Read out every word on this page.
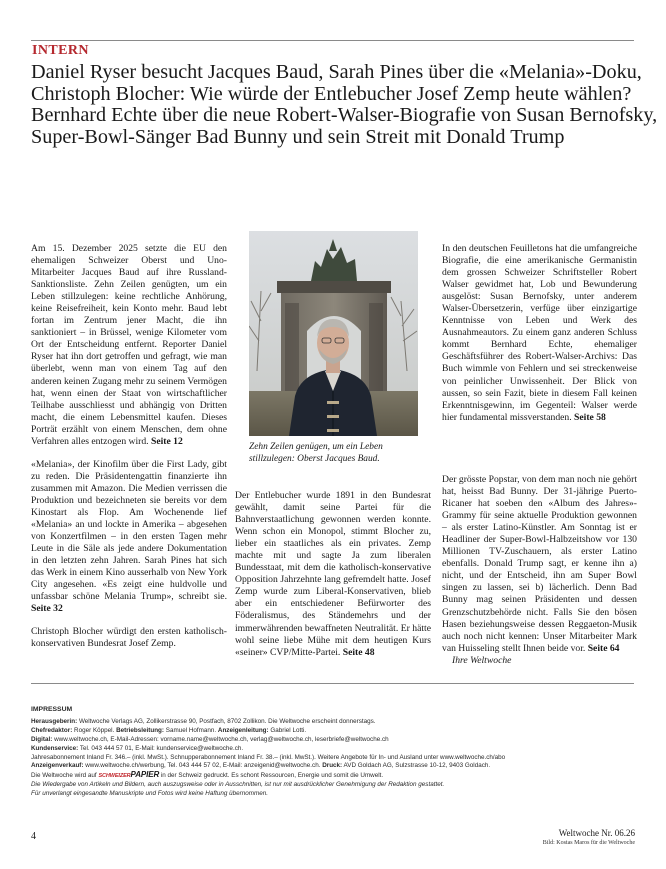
INTERN
Daniel Ryser besucht Jacques Baud, Sarah Pines über die «Melania»-Doku,
Christoph Blocher: Wie würde der Entlebucher Josef Zemp heute wählen?
Bernhard Echte über die neue Robert-Walser-Biografie von Susan Bernofsky,
Super-Bowl-Sänger Bad Bunny und sein Streit mit Donald Trump

Am 15. Dezember 2025 setzte die EU den ehemaligen Schweizer Oberst und Uno-Mitarbeiter Jacques Baud auf ihre Russland-Sanktionsliste. Zehn Zeilen genügten, um ein Leben stillzulegen: keine rechtliche Anhörung, keine Reisefreiheit, kein Konto mehr. Baud lebt fortan im Zentrum jener Macht, die ihn sanktioniert – in Brüssel, wenige Kilometer vom Ort der Entscheidung entfernt. Reporter Daniel Ryser hat ihn dort getroffen und gefragt, wie man überlebt, wenn man von einem Tag auf den anderen keinen Zugang mehr zu seinem Vermögen hat, wenn einen der Staat von wirtschaftlicher Teilhabe ausschliesst und abhängig von Dritten macht, die einem Lebensmittel kaufen. Dieses Porträt erzählt von einem Menschen, dem ohne Verfahren alles entzogen wird. Seite 12

«Melania», der Kinofilm über die First Lady, gibt zu reden. Die Präsidentengattin finanzierte ihn zusammen mit Amazon. Die Medien verrissen die Produktion und bezeichneten sie bereits vor dem Kinostart als Flop. Am Wochenende lief «Melania» an und lockte in Amerika – abgesehen von Konzertfilmen – in den ersten Tagen mehr Leute in die Säle als jede andere Dokumentation in den letzten zehn Jahren. Sarah Pines hat sich das Werk in einem Kino ausserhalb von New York City angesehen. «Es zeigt eine huldvolle und unfassbar schöne Melania Trump», schreibt sie. Seite 32

Christoph Blocher würdigt den ersten katholisch-konservativen Bundesrat Josef Zemp.

Zehn Zeilen genügen, um ein Leben stillzulegen: Oberst Jacques Baud.

Der Entlebucher wurde 1891 in den Bundesrat gewählt, damit seine Partei für die Bahnverstaatlichung gewonnen werden konnte. Wenn schon ein Monopol, stimmt Blocher zu, lieber ein staatliches als ein privates. Zemp machte mit und sagte Ja zum liberalen Bundesstaat, mit dem die katholisch-konservative Opposition Jahrzehnte lang gefremdelt hatte. Josef Zemp wurde zum Liberal-Konservativen, blieb aber ein entschiedener Befürworter des Föderalismus, des Ständemehrs und der immerwährenden bewaffneten Neutralität. Er hätte wohl seine liebe Mühe mit dem heutigen Kurs «seiner» CVP/Mitte-Partei. Seite 48

In den deutschen Feuilletons hat die umfangreiche Biografie, die eine amerikanische Germanistin dem grossen Schweizer Schriftsteller Robert Walser gewidmet hat, Lob und Bewunderung ausgelöst: Susan Bernofsky, unter anderem Walser-Übersetzerin, verfüge über einzigartige Kenntnisse von Leben und Werk des Ausnahmeautors. Zu einem ganz anderen Schluss kommt Bernhard Echte, ehemaliger Geschäftsführer des Robert-Walser-Archivs: Das Buch wimmle von Fehlern und sei streckenweise von peinlicher Unwissenheit. Der Blick von aussen, so sein Fazit, biete in diesem Fall keinen Erkenntnisgewinn, im Gegenteil: Walser werde hier fundamental missverstanden. Seite 58

Der grösste Popstar, von dem man noch nie gehört hat, heisst Bad Bunny. Der 31-jährige Puerto-Ricaner hat soeben den «Album des Jahres»-Grammy für seine aktuelle Produktion gewonnen – als erster Latino-Künstler. Am Sonntag ist er Headliner der Super-Bowl-Halbzeitshow vor 130 Millionen TV-Zuschauern, als erster Latino ebenfalls. Donald Trump sagt, er kenne ihn a) nicht, und der Entscheid, ihn am Super Bowl singen zu lassen, sei b) lächerlich. Denn Bad Bunny mag seinen Präsidenten und dessen Grenzschutzbehörde nicht. Falls Sie den bösen Hasen beziehungsweise dessen Reggaeton-Musik auch noch nicht kennen: Unser Mitarbeiter Mark van Huisseling stellt Ihnen beide vor. Seite 64
Ihre Weltwoche

IMPRESSUM
Herausgeberin: Weltwoche Verlags AG, Zollikerstrasse 90, Postfach, 8702 Zollikon. Die Weltwoche erscheint donnerstags.
Chefredaktor: Roger Köppel. Betriebsleitung: Samuel Hofmann. Anzeigenleitung: Gabriel Lotti.
Digital: www.weltwoche.ch, E-Mail-Adressen: vorname.name@weltwoche.ch, verlag@weltwoche.ch, leserbriefe@weltwoche.ch
Kundenservice: Tel. 043 444 57 01, E-Mail: kundenservice@weltwoche.ch.
Jahresabonnement Inland Fr. 346.– (inkl. MwSt.). Schnupperabonnement Inland Fr. 38.– (inkl. MwSt.). Weitere Angebote für In- und Ausland unter www.weltwoche.ch/abo
Anzeigenverkauf: www.weltwoche.ch/werbung, Tel. 043 444 57 02, E-Mail: anzeigenid@weltwoche.ch. Druck: AVD Goldach AG, Sulzstrasse 10-12, 9403 Goldach.
Die Weltwoche wird auf SCHWEIZERPAPIER in der Schweiz gedruckt. Es schont Ressourcen, Energie und somit die Umwelt.
Die Wiedergabe von Artikeln und Bildern, auch auszugsweise oder in Ausschnitten, ist nur mit ausdrücklicher Genehmigung der Redaktion gestattet.
Für unverlangt eingesandte Manuskripte und Fotos wird keine Haftung übernommen.
4	Weltwoche Nr. 06.26
Bild: Kostas Maros für die Weltwoche
